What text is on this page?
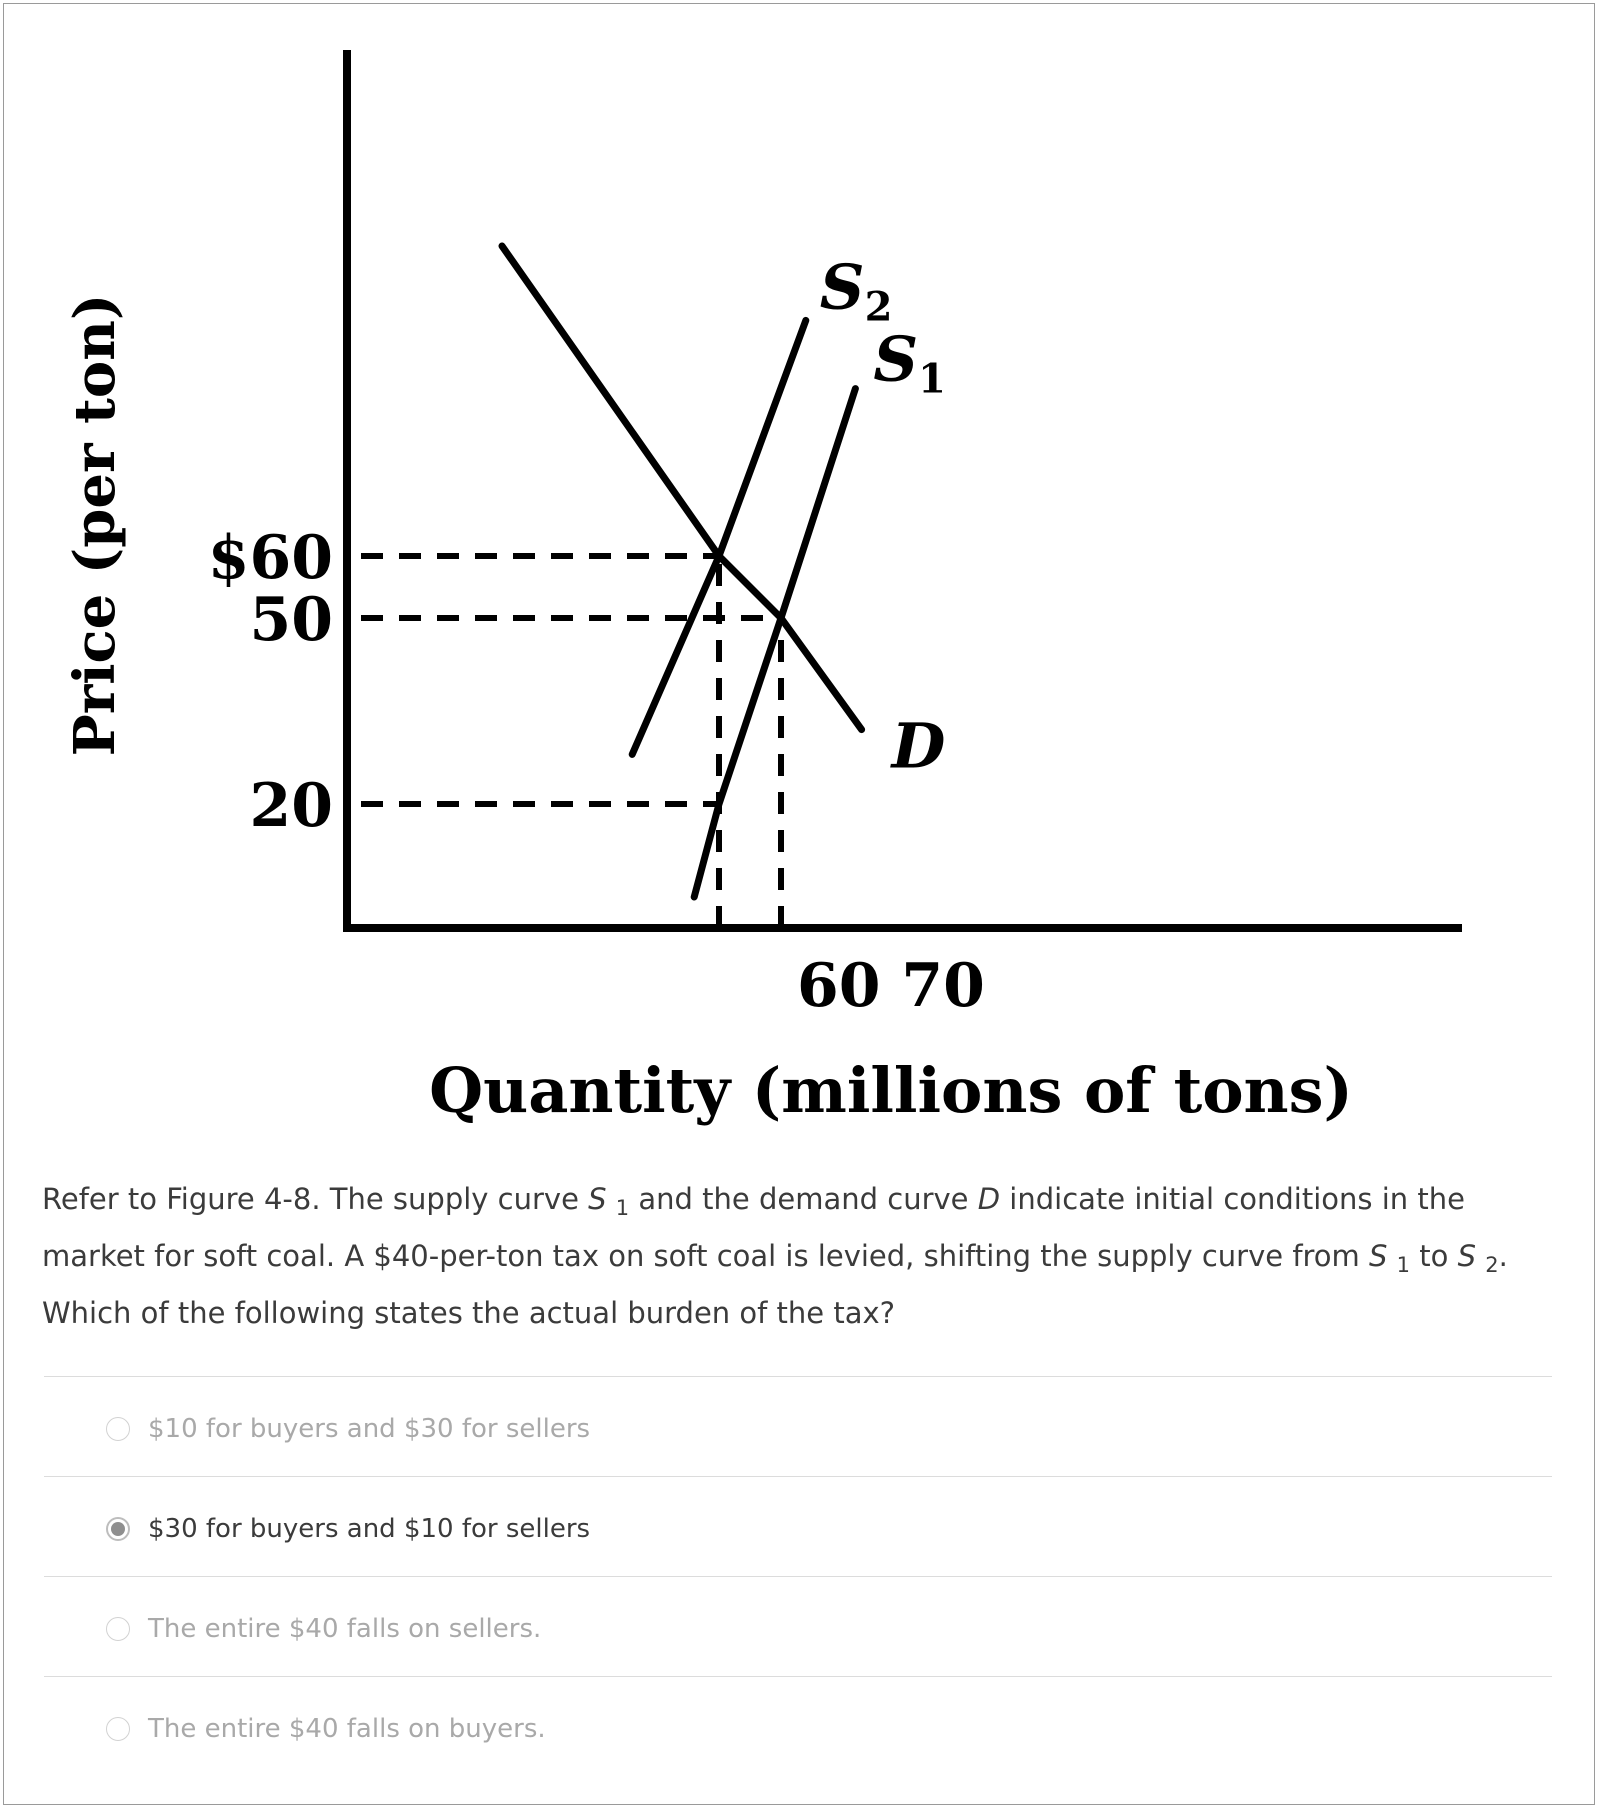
$60
50
20
60 70
D
S2
S1
Quantity (millions of tons)
Price (per ton)
Refer to Figure 4-8. The supply curve S $_1$ and the demand curve D indicate initial conditions in the market for soft coal. A $40-per-ton tax on soft coal is levied, shifting the supply curve from S $_1$ to S $_2$. Which of the following states the actual burden of the tax?
$10 for buyers and $30 for sellers
$30 for buyers and $10 for sellers
The entire $40 falls on sellers.
The entire $40 falls on buyers.
